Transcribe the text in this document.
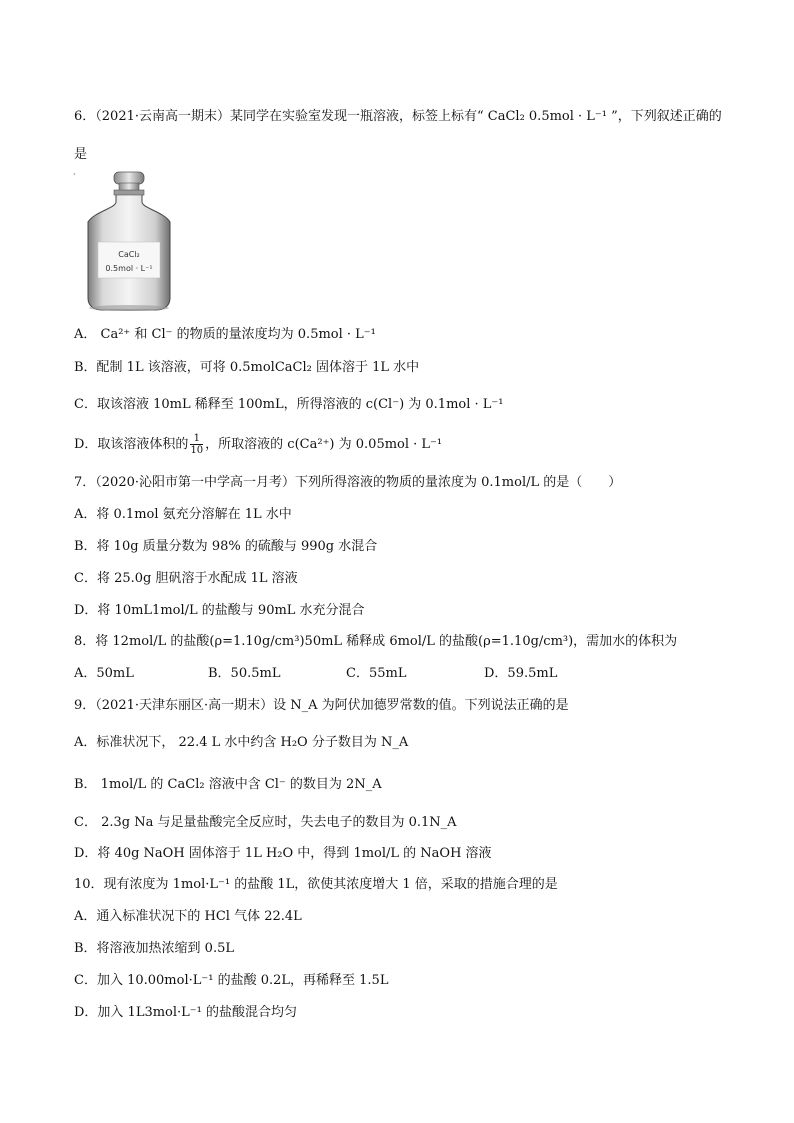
6．（2021·云南高一期末）某同学在实验室发现一瓶溶液，标签上标有“ CaCl₂ 0.5mol · L⁻¹ ”，下列叙述正确的
是
ﾞ
CaCl₂
0.5mol · L⁻¹
A． Ca²⁺ 和 Cl⁻ 的物质的量浓度均为 0.5mol · L⁻¹
B．配制 1L 该溶液，可将 0.5molCaCl₂ 固体溶于 1L 水中
C．取该溶液 10mL 稀释至 100mL，所得溶液的 c(Cl⁻) 为 0.1mol · L⁻¹
D．取该溶液体积的 $\frac{1}{10}$ ，所取溶液的 c(Ca²⁺) 为 0.05mol · L⁻¹
7．（2020·沁阳市第一中学高一月考）下列所得溶液的物质的量浓度为 0.1mol/L 的是（　　）
A．将 0.1mol 氨充分溶解在 1L 水中
B．将 10g 质量分数为 98% 的硫酸与 990g 水混合
C．将 25.0g 胆矾溶于水配成 1L 溶液
D．将 10mL1mol/L 的盐酸与 90mL 水充分混合
8．将 12mol/L 的盐酸(ρ=1.10g/cm³)50mL 稀释成 6mol/L 的盐酸(ρ=1.10g/cm³)，需加水的体积为
A．50mL	B．50.5mL	C．55mL	D．59.5mL
9．（2021·天津东丽区·高一期末）设 N_A 为阿伏加德罗常数的值。下列说法正确的是
A．标准状况下， 22.4 L 水中约含 H₂O 分子数目为 N_A
B． 1mol/L 的 CaCl₂ 溶液中含 Cl⁻ 的数目为 2N_A
C． 2.3g Na 与足量盐酸完全反应时，失去电子的数目为 0.1N_A
D．将 40g NaOH 固体溶于 1L H₂O 中，得到 1mol/L 的 NaOH 溶液
10．现有浓度为 1mol·L⁻¹ 的盐酸 1L，欲使其浓度增大 1 倍，采取的措施合理的是
A．通入标准状况下的 HCl 气体 22.4L
B．将溶液加热浓缩到 0.5L
C．加入 10.00mol·L⁻¹ 的盐酸 0.2L，再稀释至 1.5L
D．加入 1L3mol·L⁻¹ 的盐酸混合均匀
